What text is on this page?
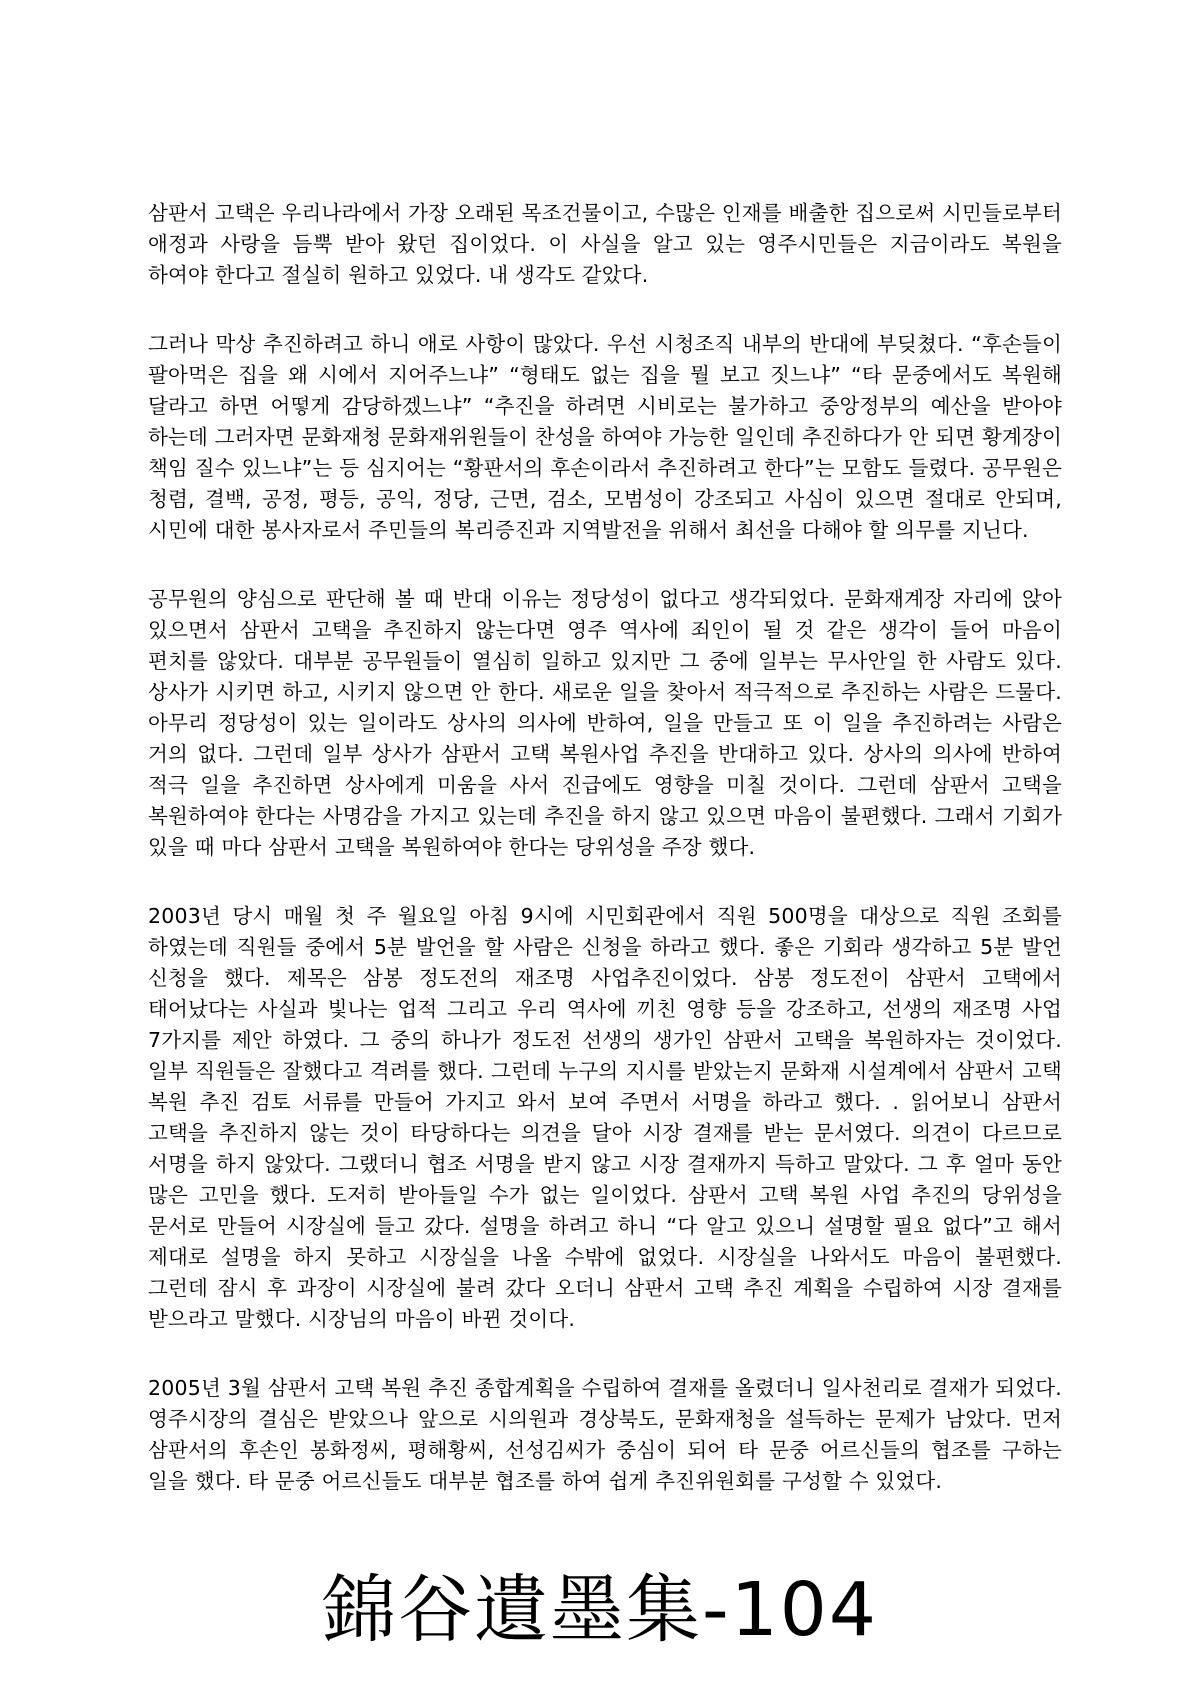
삼판서 고택은 우리나라에서 가장 오래된 목조건물이고, 수많은 인재를 배출한 집으로써 시민들로부터 애정과 사랑을 듬뿍 받아 왔던 집이었다. 이 사실을 알고 있는 영주시민들은 지금이라도 복원을 하여야 한다고 절실히 원하고 있었다. 내 생각도 같았다.

그러나 막상 추진하려고 하니 애로 사항이 많았다. 우선 시청조직 내부의 반대에 부딪쳤다. “후손들이 팔아먹은 집을 왜 시에서 지어주느냐” “형태도 없는 집을 뭘 보고 짓느냐” “타 문중에서도 복원해 달라고 하면 어떻게 감당하겠느냐” “추진을 하려면 시비로는 불가하고 중앙정부의 예산을 받아야 하는데 그러자면 문화재청 문화재위원들이 찬성을 하여야 가능한 일인데 추진하다가 안 되면 황계장이 책임 질수 있느냐”는 등 심지어는 “황판서의 후손이라서 추진하려고 한다”는 모함도 들렸다. 공무원은 청렴, 결백, 공정, 평등, 공익, 정당, 근면, 검소, 모범성이 강조되고 사심이 있으면 절대로 안되며, 시민에 대한 봉사자로서 주민들의 복리증진과 지역발전을 위해서 최선을 다해야 할 의무를 지닌다.

공무원의 양심으로 판단해 볼 때 반대 이유는 정당성이 없다고 생각되었다. 문화재계장 자리에 앉아 있으면서 삼판서 고택을 추진하지 않는다면 영주 역사에 죄인이 될 것 같은 생각이 들어 마음이 편치를 않았다. 대부분 공무원들이 열심히 일하고 있지만 그 중에 일부는 무사안일 한 사람도 있다. 상사가 시키면 하고, 시키지 않으면 안 한다. 새로운 일을 찾아서 적극적으로 추진하는 사람은 드물다. 아무리 정당성이 있는 일이라도 상사의 의사에 반하여, 일을 만들고 또 이 일을 추진하려는 사람은 거의 없다. 그런데 일부 상사가 삼판서 고택 복원사업 추진을 반대하고 있다. 상사의 의사에 반하여 적극 일을 추진하면 상사에게 미움을 사서 진급에도 영향을 미칠 것이다. 그런데 삼판서 고택을 복원하여야 한다는 사명감을 가지고 있는데 추진을 하지 않고 있으면 마음이 불편했다. 그래서 기회가 있을 때 마다 삼판서 고택을 복원하여야 한다는 당위성을 주장 했다.

2003년 당시 매월 첫 주 월요일 아침 9시에 시민회관에서 직원 500명을 대상으로 직원 조회를 하였는데 직원들 중에서 5분 발언을 할 사람은 신청을 하라고 했다. 좋은 기회라 생각하고 5분 발언 신청을 했다. 제목은 삼봉 정도전의 재조명 사업추진이었다. 삼봉 정도전이 삼판서 고택에서 태어났다는 사실과 빛나는 업적 그리고 우리 역사에 끼친 영향 등을 강조하고, 선생의 재조명 사업 7가지를 제안 하였다. 그 중의 하나가 정도전 선생의 생가인 삼판서 고택을 복원하자는 것이었다. 일부 직원들은 잘했다고 격려를 했다. 그런데 누구의 지시를 받았는지 문화재 시설계에서 삼판서 고택 복원 추진 검토 서류를 만들어 가지고 와서 보여 주면서 서명을 하라고 했다. . 읽어보니 삼판서 고택을 추진하지 않는 것이 타당하다는 의견을 달아 시장 결재를 받는 문서였다. 의견이 다르므로 서명을 하지 않았다. 그랬더니 협조 서명을 받지 않고 시장 결재까지 득하고 말았다. 그 후 얼마 동안 많은 고민을 했다. 도저히 받아들일 수가 없는 일이었다. 삼판서 고택 복원 사업 추진의 당위성을 문서로 만들어 시장실에 들고 갔다. 설명을 하려고 하니 “다 알고 있으니 설명할 필요 없다”고 해서 제대로 설명을 하지 못하고 시장실을 나올 수밖에 없었다. 시장실을 나와서도 마음이 불편했다. 그런데 잠시 후 과장이 시장실에 불려 갔다 오더니 삼판서 고택 추진 계획을 수립하여 시장 결재를 받으라고 말했다. 시장님의 마음이 바뀐 것이다.

2005년 3월 삼판서 고택 복원 추진 종합계획을 수립하여 결재를 올렸더니 일사천리로 결재가 되었다. 영주시장의 결심은 받았으나 앞으로 시의원과 경상북도, 문화재청을 설득하는 문제가 남았다. 먼저 삼판서의 후손인 봉화정씨, 평해황씨, 선성김씨가 중심이 되어 타 문중 어르신들의 협조를 구하는 일을 했다. 타 문중 어르신들도 대부분 협조를 하여 쉽게 추진위원회를 구성할 수 있었다.

錦谷遺墨集-104
